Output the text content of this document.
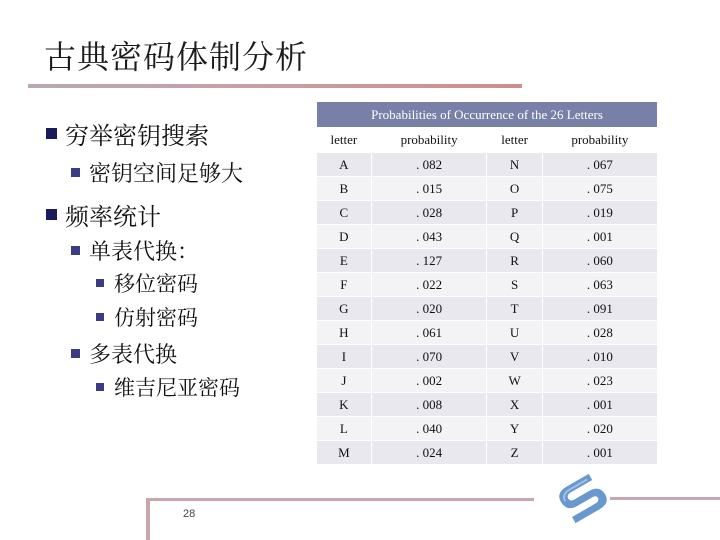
古典密码体制分析
穷举密钥搜索
密钥空间足够大
频率统计
单表代换：
移位密码
仿射密码
多表代换
维吉尼亚密码
Probabilities of Occurrence of the 26 Letters			
letter	probability	letter	probability
A	. 082	N	. 067
B	. 015	O	. 075
C	. 028	P	. 019
D	. 043	Q	. 001
E	. 127	R	. 060
F	. 022	S	. 063
G	. 020	T	. 091
H	. 061	U	. 028
I	. 070	V	. 010
J	. 002	W	. 023
K	. 008	X	. 001
L	. 040	Y	. 020
M	. 024	Z	. 001
28
